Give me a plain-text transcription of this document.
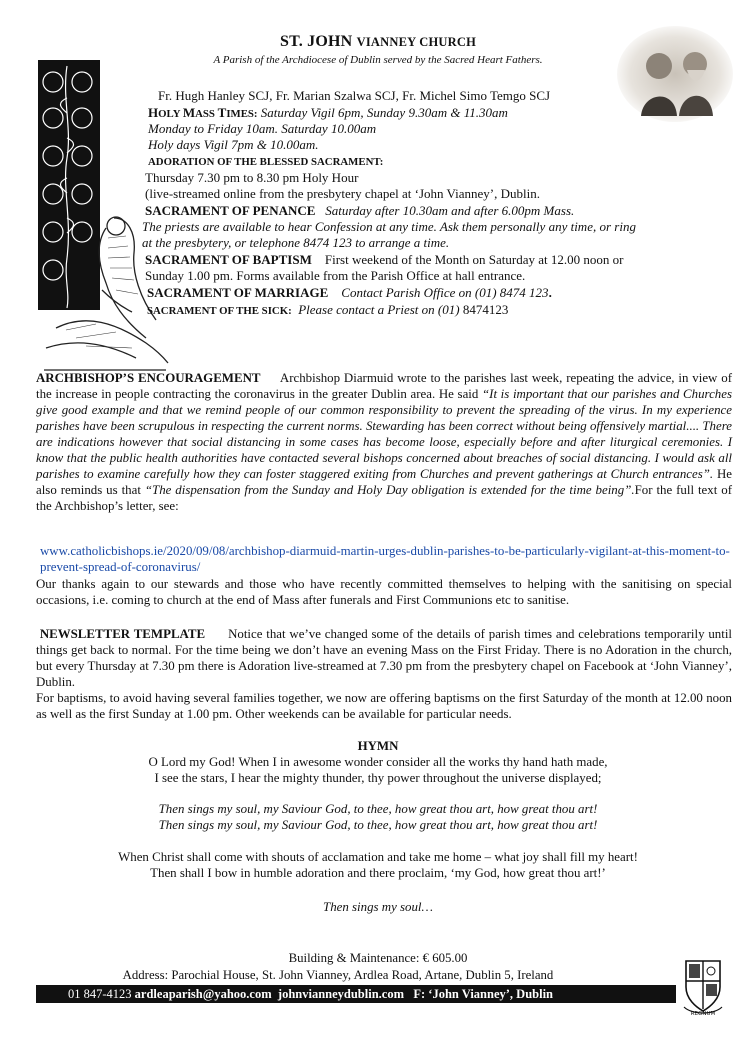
ST. JOHN VIANNEY CHURCH
A Parish of the Archdiocese of Dublin served by the Sacred Heart Fathers.
Fr. Hugh Hanley SCJ, Fr. Marian Szalwa SCJ, Fr. Michel Simo Temgo SCJ
HOLY MASS TIMES: Saturday Vigil 6pm, Sunday 9.30am & 11.30am
Monday to Friday 10am. Saturday 10.00am
Holy days Vigil 7pm & 10.00am.
ADORATION OF THE BLESSED SACRAMENT:
Thursday 7.30 pm to 8.30 pm Holy Hour
(live-streamed online from the presbytery chapel at ‘John Vianney’, Dublin.
SACRAMENT OF PENANCE Saturday after 10.30am and after 6.00pm Mass.
The priests are available to hear Confession at any time. Ask them personally any time, or ring
at the presbytery, or telephone 8474 123 to arrange a time.
SACRAMENT OF BAPTISM First weekend of the Month on Saturday at 12.00 noon or
Sunday 1.00 pm. Forms available from the Parish Office at hall entrance.
SACRAMENT OF MARRIAGE Contact Parish Office on (01) 8474 123.
SACRAMENT OF THE SICK: Please contact a Priest on (01) 8474123
ARCHBISHOP’S ENCOURAGEMENT Archbishop Diarmuid wrote to the parishes last week, repeating the advice, in view of the increase in people contracting the coronavirus in the greater Dublin area. He said “It is important that our parishes and Churches give good example and that we remind people of our common responsibility to prevent the spreading of the virus. In my experience parishes have been scrupulous in respecting the current norms. Stewarding has been correct without being offensively martial.... There are indications however that social distancing in some cases has become loose, especially before and after liturgical ceremonies. I know that the public health authorities have contacted several bishops concerned about breaches of social distancing. I would ask all parishes to examine carefully how they can foster staggered exiting from Churches and prevent gatherings at Church entrances”. He also reminds us that “The dispensation from the Sunday and Holy Day obligation is extended for the time being”.For the full text of the Archbishop’s letter, see:
www.catholicbishops.ie/2020/09/08/archbishop-diarmuid-martin-urges-dublin-parishes-to-be-particularly-vigilant-at-this-moment-to-prevent-spread-of-coronavirus/
Our thanks again to our stewards and those who have recently committed themselves to helping with the sanitising on special occasions, i.e. coming to church at the end of Mass after funerals and First Communions etc to sanitise.
NEWSLETTER TEMPLATE Notice that we’ve changed some of the details of parish times and celebrations temporarily until things get back to normal. For the time being we don’t have an evening Mass on the First Friday. There is no Adoration in the church, but every Thursday at 7.30 pm there is Adoration live-streamed at 7.30 pm from the presbytery chapel on Facebook at ‘John Vianney’, Dublin.
For baptisms, to avoid having several families together, we now are offering baptisms on the first Saturday of the month at 12.00 noon as well as the first Sunday at 1.00 pm. Other weekends can be available for particular needs.
HYMN
O Lord my God! When I in awesome wonder consider all the works thy hand hath made,
I see the stars, I hear the mighty thunder, thy power throughout the universe displayed;
Then sings my soul, my Saviour God, to thee, how great thou art, how great thou art!
Then sings my soul, my Saviour God, to thee, how great thou art, how great thou art!
When Christ shall come with shouts of acclamation and take me home – what joy shall fill my heart!
Then shall I bow in humble adoration and there proclaim, ‘my God, how great thou art!’
Then sings my soul…
Building & Maintenance: € 605.00
Address: Parochial House, St. John Vianney, Ardlea Road, Artane, Dublin 5, Ireland
01 847-4123 ardleaparish@yahoo.com johnvianneydublin.com F: ‘John Vianney’, Dublin
REGNUM
